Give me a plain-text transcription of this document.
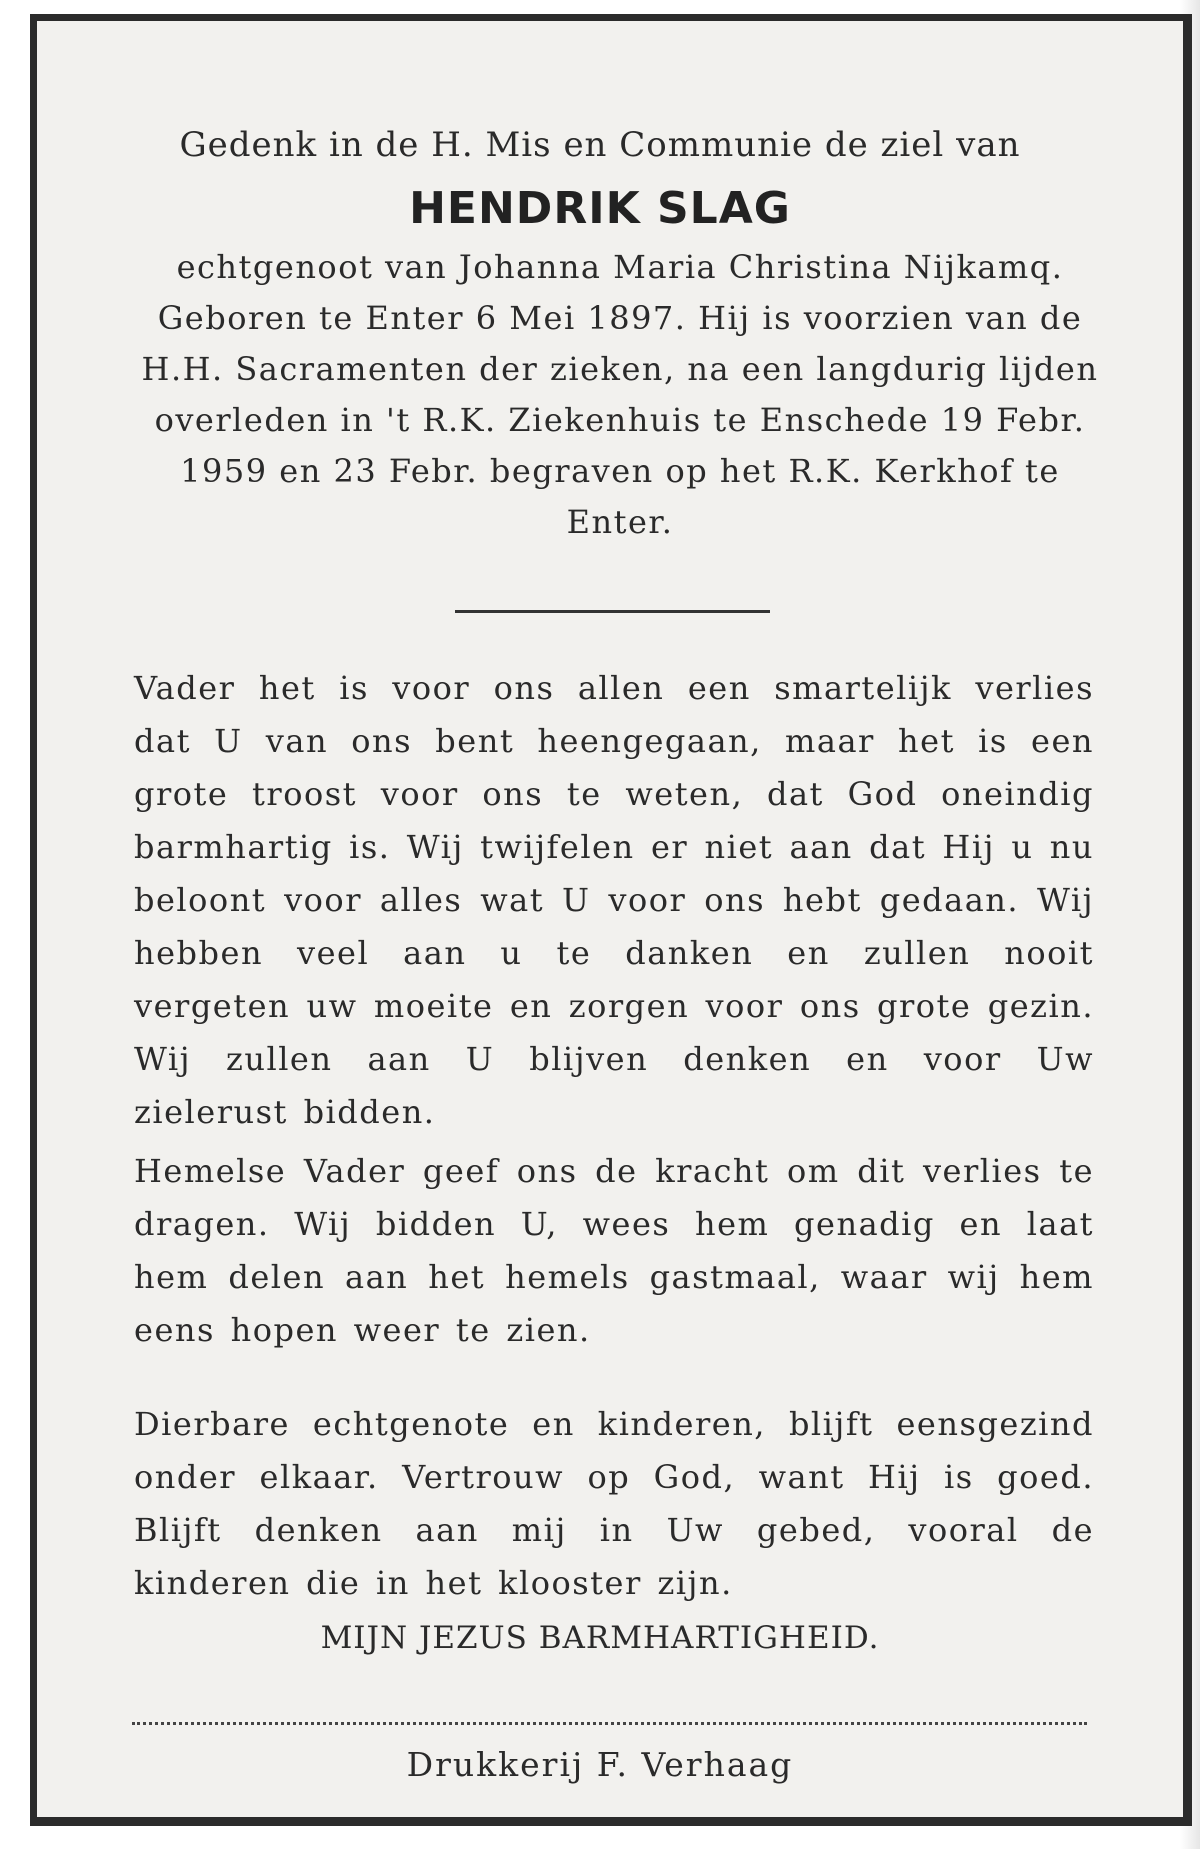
Gedenk in de H. Mis en Communie de ziel van
HENDRIK SLAG
echtgenoot van Johanna Maria Christina Nijkamq. Geboren te Enter 6 Mei 1897. Hij is voorzien van de H.H. Sacramenten der zieken, na een langdurig lijden overleden in 't R.K. Ziekenhuis te Enschede 19 Febr. 1959 en 23 Febr. begraven op het R.K. Kerkhof te Enter.
Vader het is voor ons allen een smartelijk verlies dat U van ons bent heengegaan, maar het is een grote troost voor ons te weten, dat God oneindig barmhartig is. Wij twijfelen er niet aan dat Hij u nu beloont voor alles wat U voor ons hebt gedaan. Wij hebben veel aan u te danken en zullen nooit vergeten uw moeite en zorgen voor ons grote gezin. Wij zullen aan U blijven denken en voor Uw zielerust bidden.
Hemelse Vader geef ons de kracht om dit verlies te dragen. Wij bidden U, wees hem genadig en laat hem delen aan het hemels gastmaal, waar wij hem eens hopen weer te zien.
Dierbare echtgenote en kinderen, blijft eensgezind onder elkaar. Vertrouw op God, want Hij is goed. Blijft denken aan mij in Uw gebed, vooral de kinderen die in het klooster zijn.
MIJN JEZUS BARMHARTIGHEID.
Drukkerij F. Verhaag
